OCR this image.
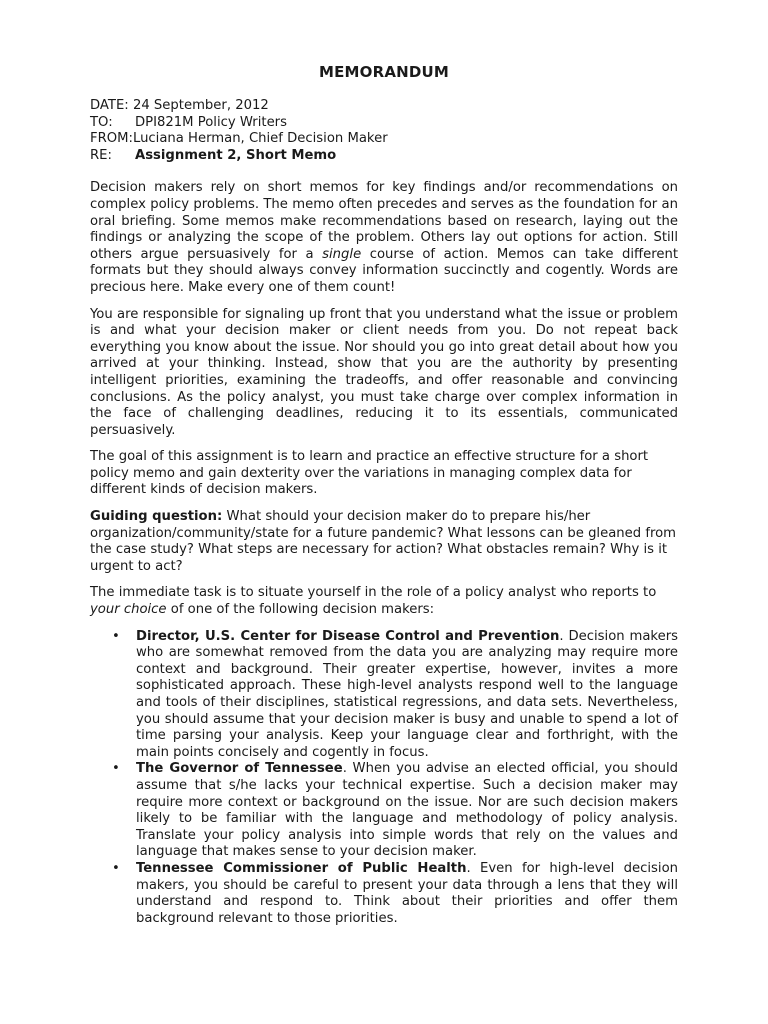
MEMORANDUM
DATE:
24 September, 2012
TO:	DPI821M Policy Writers
FROM: Luciana Herman, Chief Decision Maker
RE:	Assignment 2, Short Memo

Decision makers rely on short memos for key findings and/or recommendations on complex policy problems. The memo often precedes and serves as the foundation for an oral briefing. Some memos make recommendations based on research, laying out the findings or analyzing the scope of the problem. Others lay out options for action. Still others argue persuasively for a single course of action. Memos can take different formats but they should always convey information succinctly and cogently. Words are precious here. Make every one of them count!

You are responsible for signaling up front that you understand what the issue or problem is and what your decision maker or client needs from you. Do not repeat back everything you know about the issue. Nor should you go into great detail about how you arrived at your thinking. Instead, show that you are the authority by presenting intelligent priorities, examining the tradeoffs, and offer reasonable and convincing conclusions. As the policy analyst, you must take charge over complex information in the face of challenging deadlines, reducing it to its essentials, communicated persuasively.

The goal of this assignment is to learn and practice an effective structure for a short policy memo and gain dexterity over the variations in managing complex data for different kinds of decision makers.

Guiding question: What should your decision maker do to prepare his/her organization/community/state for a future pandemic? What lessons can be gleaned from the case study? What steps are necessary for action? What obstacles remain? Why is it urgent to act?

The immediate task is to situate yourself in the role of a policy analyst who reports to your choice of one of the following decision makers:

• Director, U.S. Center for Disease Control and Prevention. Decision makers who are somewhat removed from the data you are analyzing may require more context and background. Their greater expertise, however, invites a more sophisticated approach. These high-level analysts respond well to the language and tools of their disciplines, statistical regressions, and data sets. Nevertheless, you should assume that your decision maker is busy and unable to spend a lot of time parsing your analysis. Keep your language clear and forthright, with the main points concisely and cogently in focus.
• The Governor of Tennessee. When you advise an elected official, you should assume that s/he lacks your technical expertise. Such a decision maker may require more context or background on the issue. Nor are such decision makers likely to be familiar with the language and methodology of policy analysis. Translate your policy analysis into simple words that rely on the values and language that makes sense to your decision maker.
• Tennessee Commissioner of Public Health. Even for high-level decision makers, you should be careful to present your data through a lens that they will understand and respond to. Think about their priorities and offer them background relevant to those priorities.
